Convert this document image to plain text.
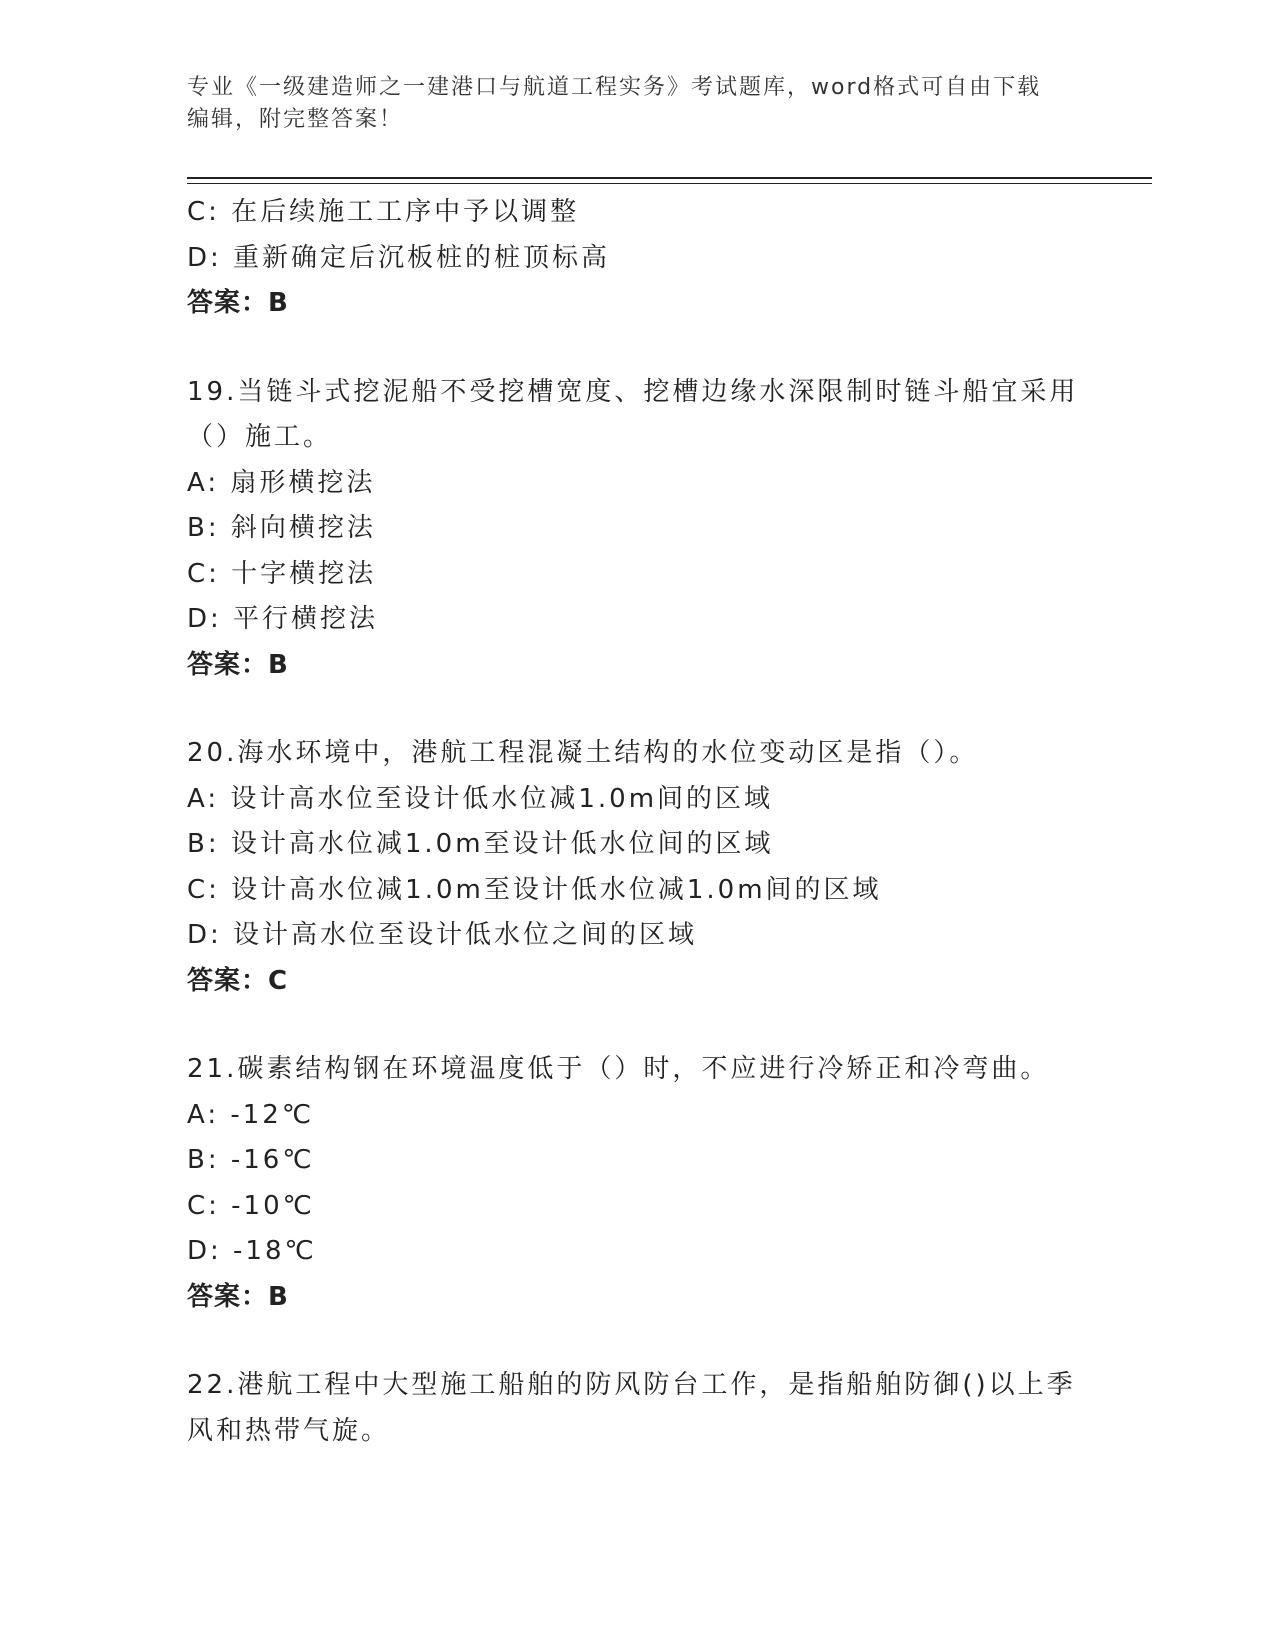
专业《一级建造师之一建港口与航道工程实务》考试题库，word格式可自由下载
编辑，附完整答案！
C: 在后续施工工序中予以调整
D: 重新确定后沉板桩的桩顶标高
答案：B
19.当链斗式挖泥船不受挖槽宽度、挖槽边缘水深限制时链斗船宜采用
（）施工。
A: 扇形横挖法
B: 斜向横挖法
C: 十字横挖法
D: 平行横挖法
答案：B
20.海水环境中，港航工程混凝土结构的水位变动区是指（）。
A: 设计高水位至设计低水位减1.0m间的区域
B: 设计高水位减1.0m至设计低水位间的区域
C: 设计高水位减1.0m至设计低水位减1.0m间的区域
D: 设计高水位至设计低水位之间的区域
答案：C
21.碳素结构钢在环境温度低于（）时，不应进行冷矫正和冷弯曲。
A: -12℃
B: -16℃
C: -10℃
D: -18℃
答案：B
22.港航工程中大型施工船舶的防风防台工作，是指船舶防御()以上季
风和热带气旋。
